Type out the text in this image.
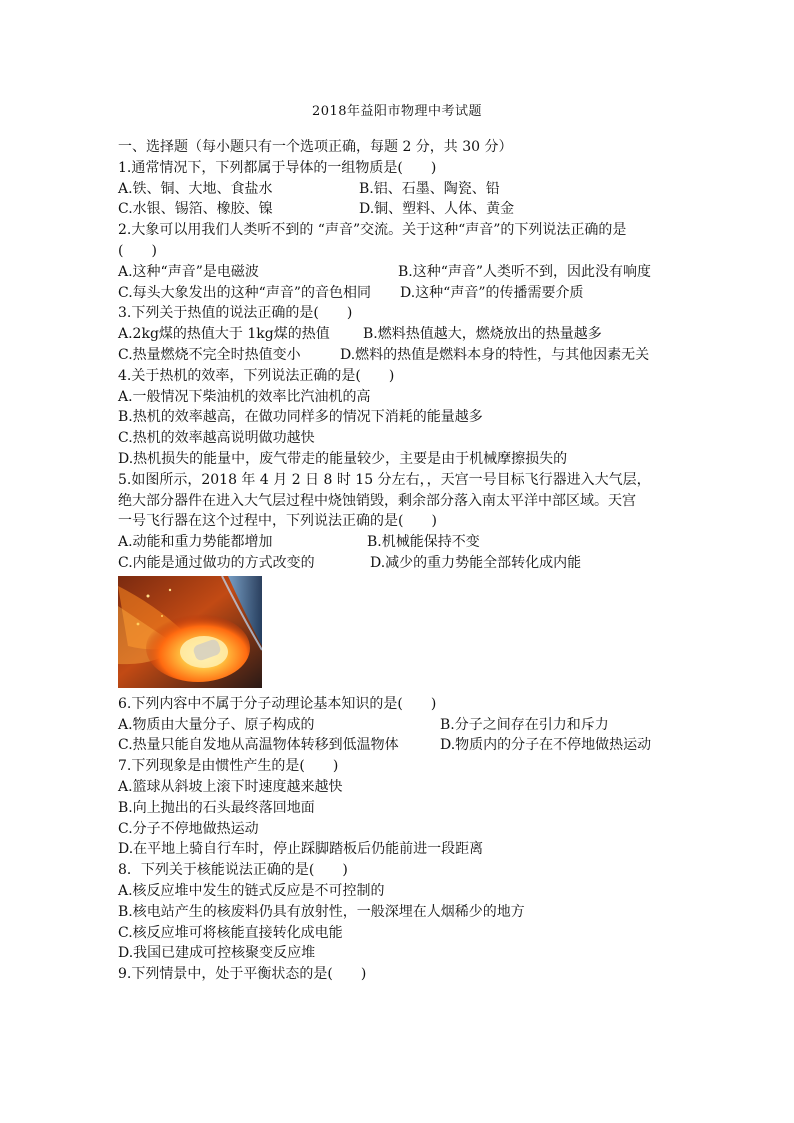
2018年益阳市物理中考试题
一、选择题（每小题只有一个选项正确，每题 2 分，共 30 分）
1.通常情况下，下列都属于导体的一组物质是(　　)
A.铁、铜、大地、食盐水	B.铝、石墨、陶瓷、铅
C.水银、锡箔、橡胶、镍	D.铜、塑料、人体、黄金
2.大象可以用我们人类听不到的 “声音”交流。关于这种“声音”的下列说法正确的是
(　　)
A.这种“声音”是电磁波	B.这种“声音”人类听不到，因此没有响度
C.每头大象发出的这种“声音”的音色相同	D.这种“声音”的传播需要介质
3.下列关于热值的说法正确的是(　　)
A.2kg煤的热值大于 1kg煤的热值	B.燃料热值越大，燃烧放出的热量越多
C.热量燃烧不完全时热值变小	D.燃料的热值是燃料本身的特性，与其他因素无关
4.关于热机的效率，下列说法正确的是(　　)
A.一般情况下柴油机的效率比汽油机的高
B.热机的效率越高，在做功同样多的情况下消耗的能量越多
C.热机的效率越高说明做功越快
D.热机损失的能量中，废气带走的能量较少，主要是由于机械摩擦损失的
5.如图所示，2018 年 4 月 2 日 8 时 15 分左右，，天宫一号目标飞行器进入大气层，
绝大部分器件在进入大气层过程中烧蚀销毁，剩余部分落入南太平洋中部区域。天宫
一号飞行器在这个过程中，下列说法正确的是(　　)
A.动能和重力势能都增加	B.机械能保持不变
C.内能是通过做功的方式改变的	D.减少的重力势能全部转化成内能
6.下列内容中不属于分子动理论基本知识的是(　　)
A.物质由大量分子、原子构成的	B.分子之间存在引力和斥力
C.热量只能自发地从高温物体转移到低温物体	D.物质内的分子在不停地做热运动
7.下列现象是由惯性产生的是(　　)
A.篮球从斜坡上滚下时速度越来越快
B.向上抛出的石头最终落回地面
C.分子不停地做热运动
D.在平地上骑自行车时，停止踩脚踏板后仍能前进一段距离
8．下列关于核能说法正确的是(　　)
A.核反应堆中发生的链式反应是不可控制的
B.核电站产生的核废料仍具有放射性，一般深埋在人烟稀少的地方
C.核反应堆可将核能直接转化成电能
D.我国已建成可控核聚变反应堆
9.下列情景中，处于平衡状态的是(　　)
